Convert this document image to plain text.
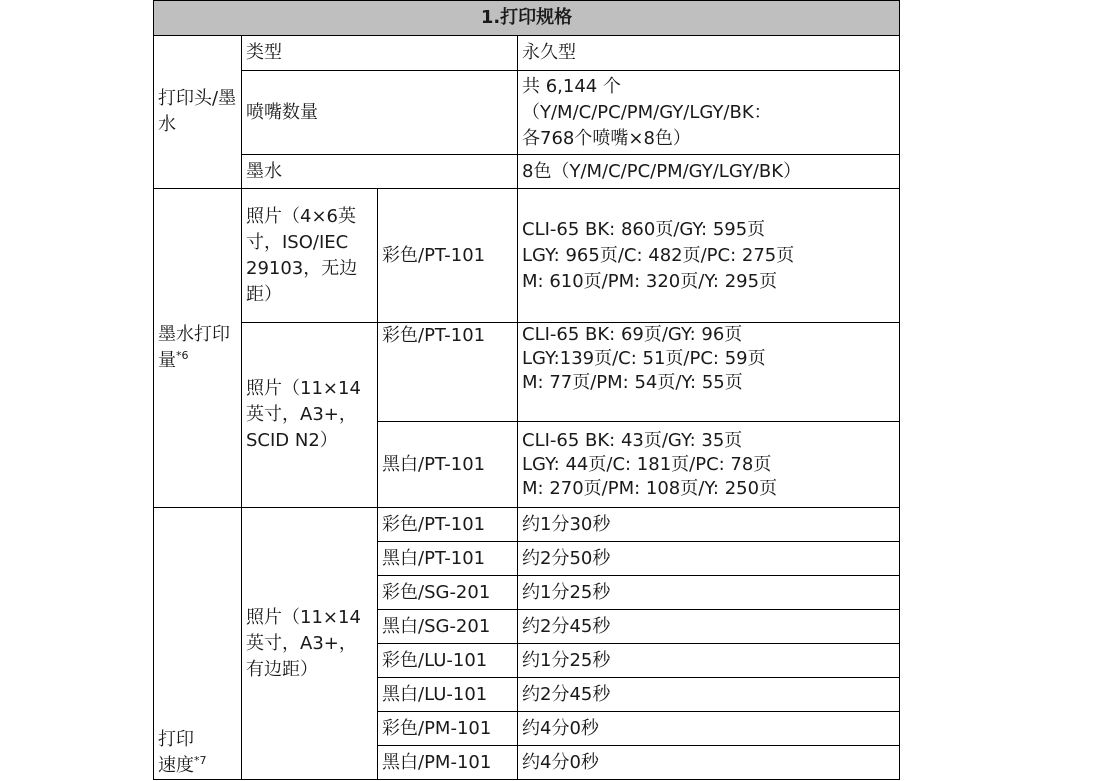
1.打印规格			
打印头/墨水	类型		永久型
	喷嘴数量		共 6,144 个
（Y/M/C/PC/PM/GY/LGY/BK：
各768个喷嘴×8色）

	墨水		8色（Y/M/C/PC/PM/GY/LGY/BK）
墨水打印量$^{*6}$	照片（4×6英寸，ISO/IEC 29103，无边距）	彩色/PT-101	CLI-65 BK: 860页/GY: 595页
LGY: 965页/C: 482页/PC: 275页
M: 610页/PM: 320页/Y: 295页

	照片（11×14英寸，A3+，SCID N2）	彩色/PT-101	CLI-65 BK: 69页/GY: 96页
LGY:139页/C: 51页/PC: 59页
M: 77页/PM: 54页/Y: 55页

		黑白/PT-101	CLI-65 BK: 43页/GY: 35页
LGY: 44页/C: 181页/PC: 78页
M: 270页/PM: 108页/Y: 250页

打印
速度$^{*7}$	照片（11×14英寸，A3+，有边距）	彩色/PT-101	约1分30秒
		黑白/PT-101	约2分50秒
		彩色/SG-201	约1分25秒
		黑白/SG-201	约2分45秒
		彩色/LU-101	约1分25秒
		黑白/LU-101	约2分45秒
		彩色/PM-101	约4分0秒
		黑白/PM-101	约4分0秒
